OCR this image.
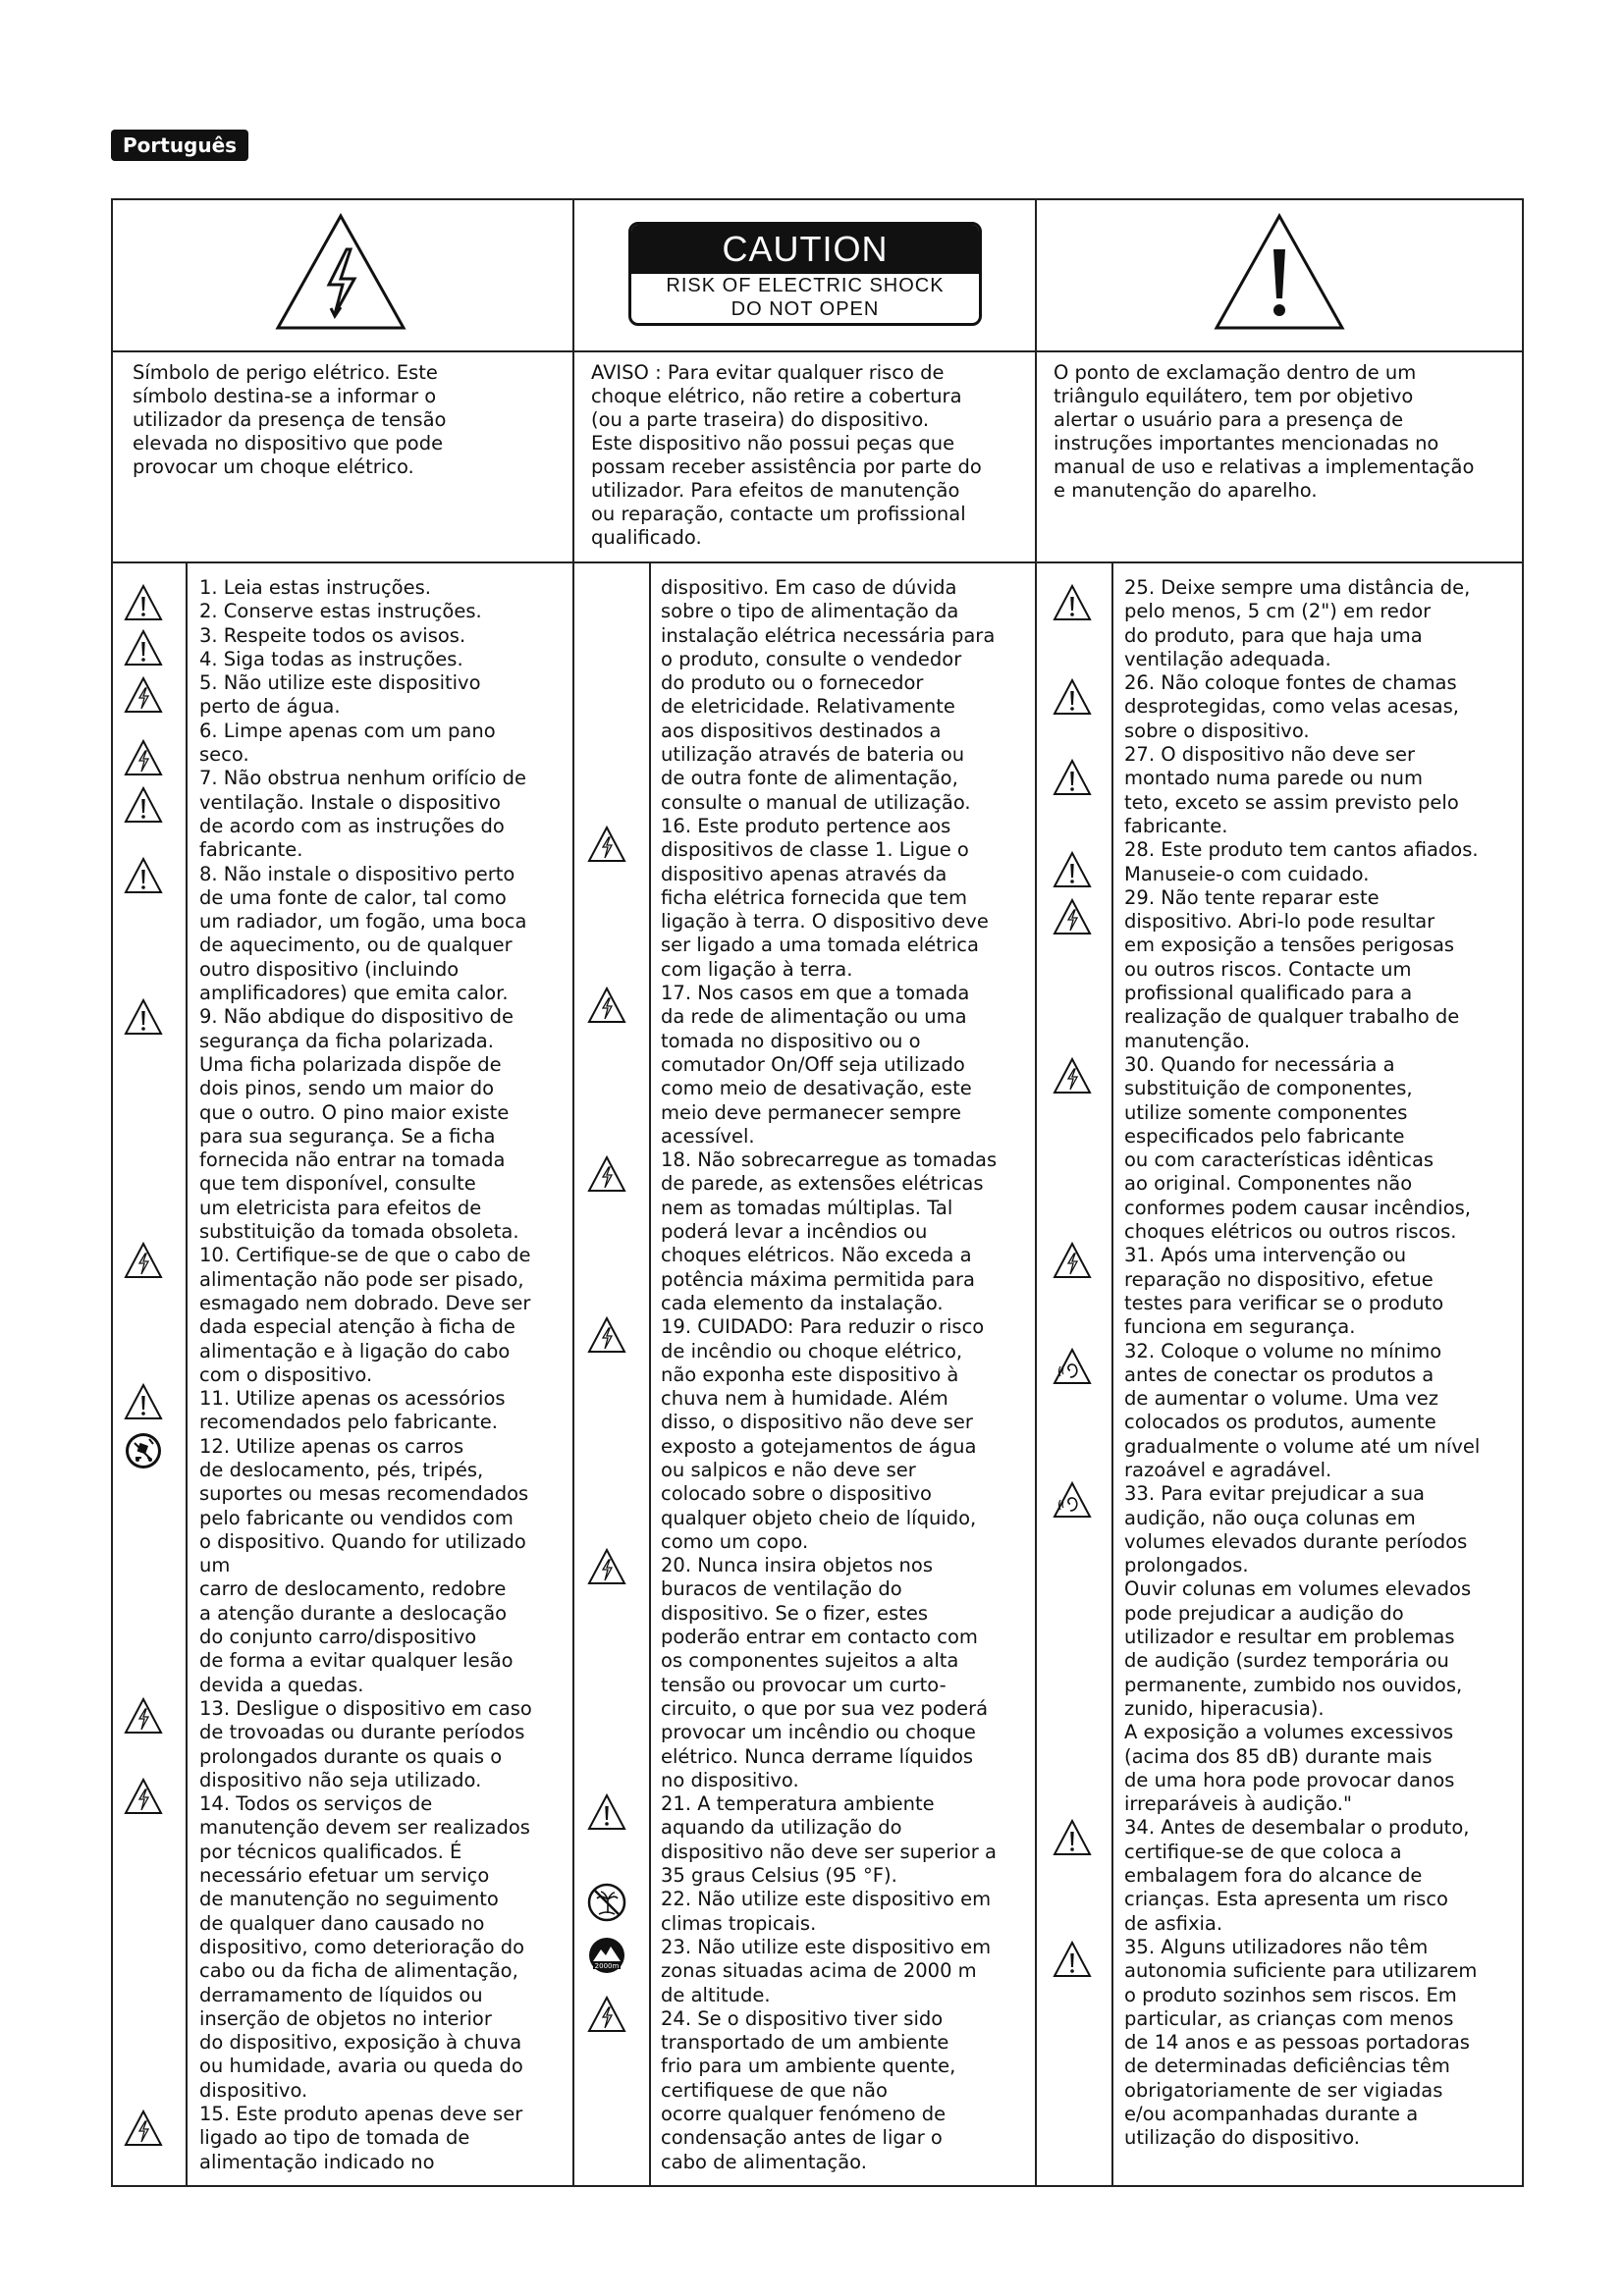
Português
CAUTION
RISK OF ELECTRIC SHOCK
DO NOT OPEN

Símbolo de perigo elétrico. Este

símbolo destina-se a informar o

utilizador da presença de tensão

elevada no dispositivo que pode

provocar um choque elétrico.

AVISO : Para evitar qualquer risco de

choque elétrico, não retire a cobertura

(ou a parte traseira) do dispositivo.

Este dispositivo não possui peças que

possam receber assistência por parte do

utilizador. Para efeitos de manutenção

ou reparação, contacte um profissional

qualificado.

O ponto de exclamação dentro de um

triângulo equilátero, tem por objetivo

alertar o usuário para a presença de

instruções importantes mencionadas no

manual de uso e relativas a implementação

e manutenção do aparelho.

1. Leia estas instruções.

2. Conserve estas instruções.

3. Respeite todos os avisos.

4. Siga todas as instruções.

5. Não utilize este dispositivo

perto de água.

6. Limpe apenas com um pano

seco.

7. Não obstrua nenhum orifício de

ventilação. Instale o dispositivo

de acordo com as instruções do

fabricante.

8. Não instale o dispositivo perto

de uma fonte de calor, tal como

um radiador, um fogão, uma boca

de aquecimento, ou de qualquer

outro dispositivo (incluindo

amplificadores) que emita calor.

9. Não abdique do dispositivo de

segurança da ficha polarizada.

Uma ficha polarizada dispõe de

dois pinos, sendo um maior do

que o outro. O pino maior existe

para sua segurança. Se a ficha

fornecida não entrar na tomada

que tem disponível, consulte

um eletricista para efeitos de

substituição da tomada obsoleta.

10. Certifique-se de que o cabo de

alimentação não pode ser pisado,

esmagado nem dobrado. Deve ser

dada especial atenção à ficha de

alimentação e à ligação do cabo

com o dispositivo.

11. Utilize apenas os acessórios

recomendados pelo fabricante.

12. Utilize apenas os carros

de deslocamento, pés, tripés,

suportes ou mesas recomendados

pelo fabricante ou vendidos com

o dispositivo. Quando for utilizado

um

carro de deslocamento, redobre

a atenção durante a deslocação

do conjunto carro/dispositivo

de forma a evitar qualquer lesão

devida a quedas.

13. Desligue o dispositivo em caso

de trovoadas ou durante períodos

prolongados durante os quais o

dispositivo não seja utilizado.

14. Todos os serviços de

manutenção devem ser realizados

por técnicos qualificados. É

necessário efetuar um serviço

de manutenção no seguimento

de qualquer dano causado no

dispositivo, como deterioração do

cabo ou da ficha de alimentação,

derramamento de líquidos ou

inserção de objetos no interior

do dispositivo, exposição à chuva

ou humidade, avaria ou queda do

dispositivo.

15. Este produto apenas deve ser

ligado ao tipo de tomada de

alimentação indicado no

dispositivo. Em caso de dúvida

sobre o tipo de alimentação da

instalação elétrica necessária para

o produto, consulte o vendedor

do produto ou o fornecedor

de eletricidade. Relativamente

aos dispositivos destinados a

utilização através de bateria ou

de outra fonte de alimentação,

consulte o manual de utilização.

16. Este produto pertence aos

dispositivos de classe 1. Ligue o

dispositivo apenas através da

ficha elétrica fornecida que tem

ligação à terra. O dispositivo deve

ser ligado a uma tomada elétrica

com ligação à terra.

17. Nos casos em que a tomada

da rede de alimentação ou uma

tomada no dispositivo ou o

comutador On/Off seja utilizado

como meio de desativação, este

meio deve permanecer sempre

acessível.

18. Não sobrecarregue as tomadas

de parede, as extensões elétricas

nem as tomadas múltiplas. Tal

poderá levar a incêndios ou

choques elétricos. Não exceda a

potência máxima permitida para

cada elemento da instalação.

19. CUIDADO: Para reduzir o risco

de incêndio ou choque elétrico,

não exponha este dispositivo à

chuva nem à humidade. Além

disso, o dispositivo não deve ser

exposto a gotejamentos de água

ou salpicos e não deve ser

colocado sobre o dispositivo

qualquer objeto cheio de líquido,

como um copo.

20. Nunca insira objetos nos

buracos de ventilação do

dispositivo. Se o fizer, estes

poderão entrar em contacto com

os componentes sujeitos a alta

tensão ou provocar um curto-

circuito, o que por sua vez poderá

provocar um incêndio ou choque

elétrico. Nunca derrame líquidos

no dispositivo.

21. A temperatura ambiente

aquando da utilização do

dispositivo não deve ser superior a

35 graus Celsius (95 °F).

22. Não utilize este dispositivo em

climas tropicais.

23. Não utilize este dispositivo em

zonas situadas acima de 2000 m

de altitude.

24. Se o dispositivo tiver sido

transportado de um ambiente

frio para um ambiente quente,

certifiquese de que não

ocorre qualquer fenómeno de

condensação antes de ligar o

cabo de alimentação.

25. Deixe sempre uma distância de,

pelo menos, 5 cm (2") em redor

do produto, para que haja uma

ventilação adequada.

26. Não coloque fontes de chamas

desprotegidas, como velas acesas,

sobre o dispositivo.

27. O dispositivo não deve ser

montado numa parede ou num

teto, exceto se assim previsto pelo

fabricante.

28. Este produto tem cantos afiados.

Manuseie-o com cuidado.

29. Não tente reparar este

dispositivo. Abri-lo pode resultar

em exposição a tensões perigosas

ou outros riscos. Contacte um

profissional qualificado para a

realização de qualquer trabalho de

manutenção.

30. Quando for necessária a

substituição de componentes,

utilize somente componentes

especificados pelo fabricante

ou com características idênticas

ao original. Componentes não

conformes podem causar incêndios,

choques elétricos ou outros riscos.

31. Após uma intervenção ou

reparação no dispositivo, efetue

testes para verificar se o produto

funciona em segurança.

32. Coloque o volume no mínimo

antes de conectar os produtos a

de aumentar o volume. Uma vez

colocados os produtos, aumente

gradualmente o volume até um nível

razoável e agradável.

33. Para evitar prejudicar a sua

audição, não ouça colunas em

volumes elevados durante períodos

prolongados.

Ouvir colunas em volumes elevados

pode prejudicar a audição do

utilizador e resultar em problemas

de audição (surdez temporária ou

permanente, zumbido nos ouvidos,

zunido, hiperacusia).

A exposição a volumes excessivos

(acima dos 85 dB) durante mais

de uma hora pode provocar danos

irreparáveis à audição."

34. Antes de desembalar o produto,

certifique-se de que coloca a

embalagem fora do alcance de

crianças. Esta apresenta um risco

de asfixia.

35. Alguns utilizadores não têm

autonomia suficiente para utilizarem

o produto sozinhos sem riscos. Em

particular, as crianças com menos

de 14 anos e as pessoas portadoras

de determinadas deficiências têm

obrigatoriamente de ser vigiadas

e/ou acompanhadas durante a

utilização do dispositivo.

2000m
